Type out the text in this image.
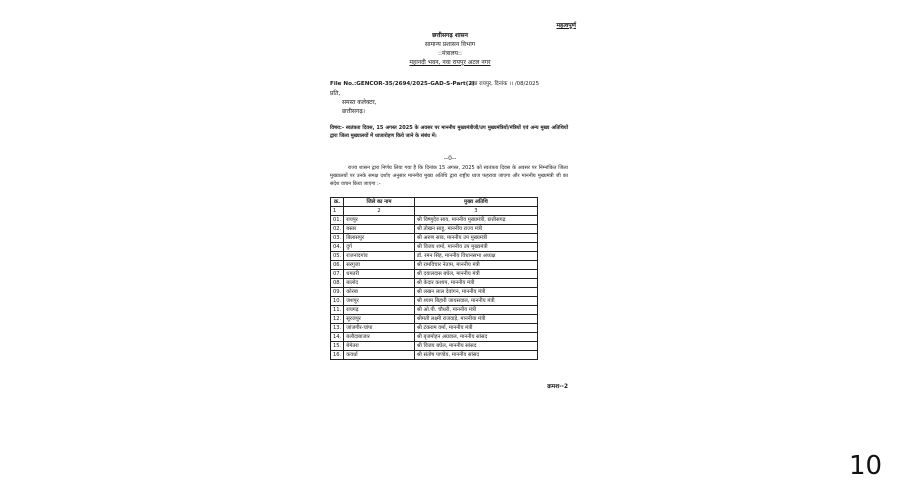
महत्वपूर्ण
छत्तीसगढ़ शासन
सामान्य प्रशासन विभाग
::मंत्रालय::
महानदी भवन, नवा रायपुर अटल नगर
File No.:GENCOR-35/2694/2025-GAD-S-Part(2)
नवा रायपुर, दिनांक ।। /08/2025
प्रति,
समस्त कलेक्टर,
छत्तीसगढ़।
विषय:- स्वतंत्रता दिवस, 15 अगस्त 2025 के अवसर पर माननीय मुख्यमंत्रीजी/उप मुख्यमंत्रियों/मंत्रियों एवं अन्य मुख्य अतिथियों द्वारा जिला मुख्यालयों में ध्वजारोहण किये जाने के संबंध में।
--0--
राज्य शासन द्वारा निर्णय लिया गया है कि दिनांक 15 अगस्त, 2025 को स्वतंत्रता दिवस के अवसर पर निम्नांकित जिला मुख्यालयों पर उनके समक्ष दर्शाए अनुसार माननीय मुख्य अतिथि द्वारा राष्ट्रीय ध्वज फहराया जाएगा और माननीय मुख्यमंत्री जी का संदेश वाचन किया जाएगा :-
क्र.	जिले का नाम	मुख्य अतिथि
1	2	3
01.	रायपुर	श्री विष्णुदेव साय, माननीय मुख्यमंत्री, छत्तीसगढ़
02.	बस्तर	श्री तोखन साहू, माननीय राज्य मंत्री
03.	बिलासपुर	श्री अरुण साव, माननीय उप मुख्यमंत्री
04.	दुर्ग	श्री विजय शर्मा, माननीय उप मुख्यमंत्री
05.	राजनांदगांव	डॉ. रमन सिंह, माननीय विधानसभा अध्यक्ष
06.	सरगुजा	श्री रामविचार नेताम, माननीय मंत्री
07.	धमतरी	श्री दयालदास बघेल, माननीय मंत्री
08.	बालोद	श्री केदार कश्यप, माननीय मंत्री
09.	कोरबा	श्री लखन लाल देवांगन, माननीय मंत्री
10.	जशपुर	श्री श्याम बिहारी जायसवाल, माननीय मंत्री
11.	रायगढ़	श्री ओ.पी. चौधरी, माननीय मंत्री
12.	सूरजपुर	श्रीमती लक्ष्मी राजवाड़े, माननीया मंत्री
13.	जांजगीर-चांपा	श्री टंकराम वर्मा, माननीय मंत्री
14.	बलौदाबाजार	श्री बृजमोहन अग्रवाल, माननीय सांसद
15.	बेमेतरा	श्री विजय बघेल, माननीय सांसद
16.	कवर्धा	श्री संतोष पाण्डेय, माननीय सांसद
क्रमश--2
10
